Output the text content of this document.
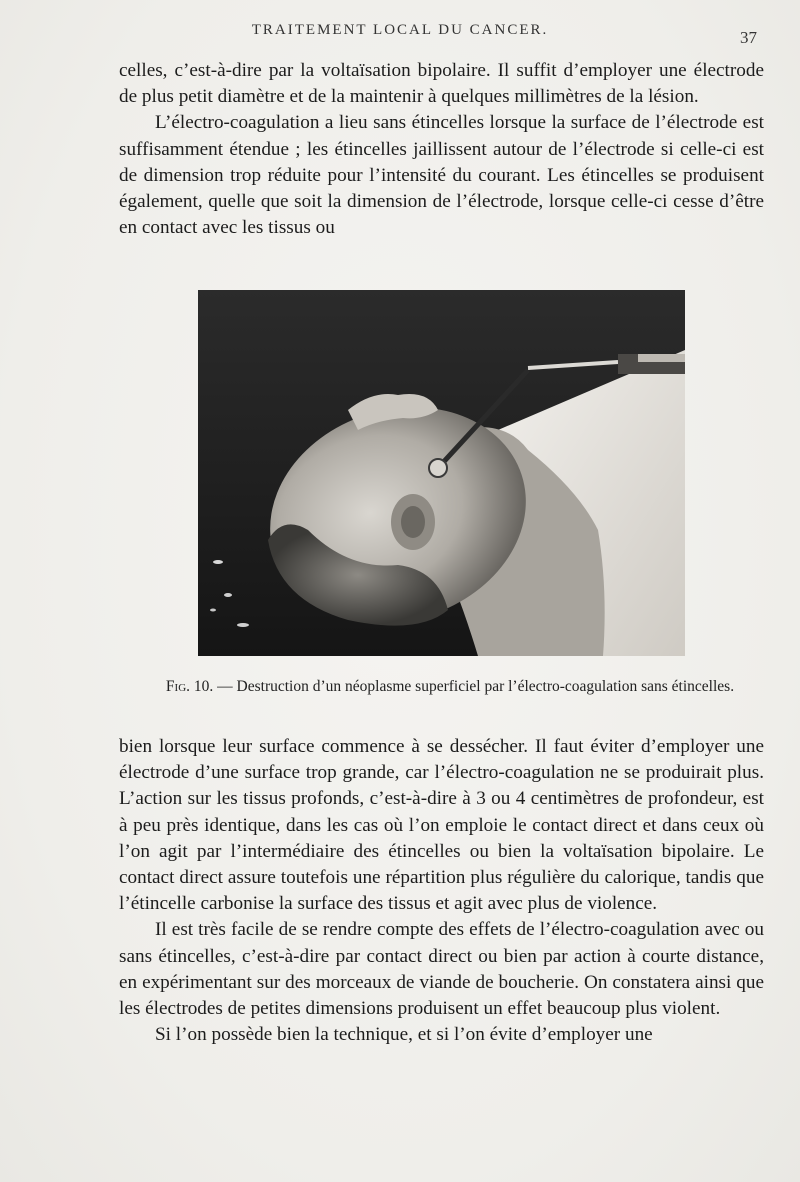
TRAITEMENT LOCAL DU CANCER.	37

celles, c’est-à-dire par la voltaïsation bipolaire. Il suffit d’employer une électrode de plus petit diamètre et de la maintenir à quelques millimètres de la lésion.

L’électro-coagulation a lieu sans étincelles lorsque la surface de l’électrode est suffisamment étendue ; les étincelles jaillissent autour de l’électrode si celle-ci est de dimension trop réduite pour l’intensité du courant. Les étincelles se produisent également, quelle que soit la dimension de l’électrode, lorsque celle-ci cesse d’être en contact avec les tissus ou

Fig. 10. — Destruction d’un néoplasme superficiel par l’électro-coagulation sans étincelles.

bien lorsque leur surface commence à se dessécher. Il faut éviter d’employer une électrode d’une surface trop grande, car l’électro-coagulation ne se produirait plus. L’action sur les tissus profonds, c’est-à-dire à 3 ou 4 centimètres de profondeur, est à peu près identique, dans les cas où l’on emploie le contact direct et dans ceux où l’on agit par l’intermédiaire des étincelles ou bien la voltaïsation bipolaire. Le contact direct assure toutefois une répartition plus régulière du calorique, tandis que l’étincelle carbonise la surface des tissus et agit avec plus de violence.

Il est très facile de se rendre compte des effets de l’électro-coagulation avec ou sans étincelles, c’est-à-dire par contact direct ou bien par action à courte distance, en expérimentant sur des morceaux de viande de boucherie. On constatera ainsi que les électrodes de petites dimensions produisent un effet beaucoup plus violent.

Si l’on possède bien la technique, et si l’on évite d’employer une
